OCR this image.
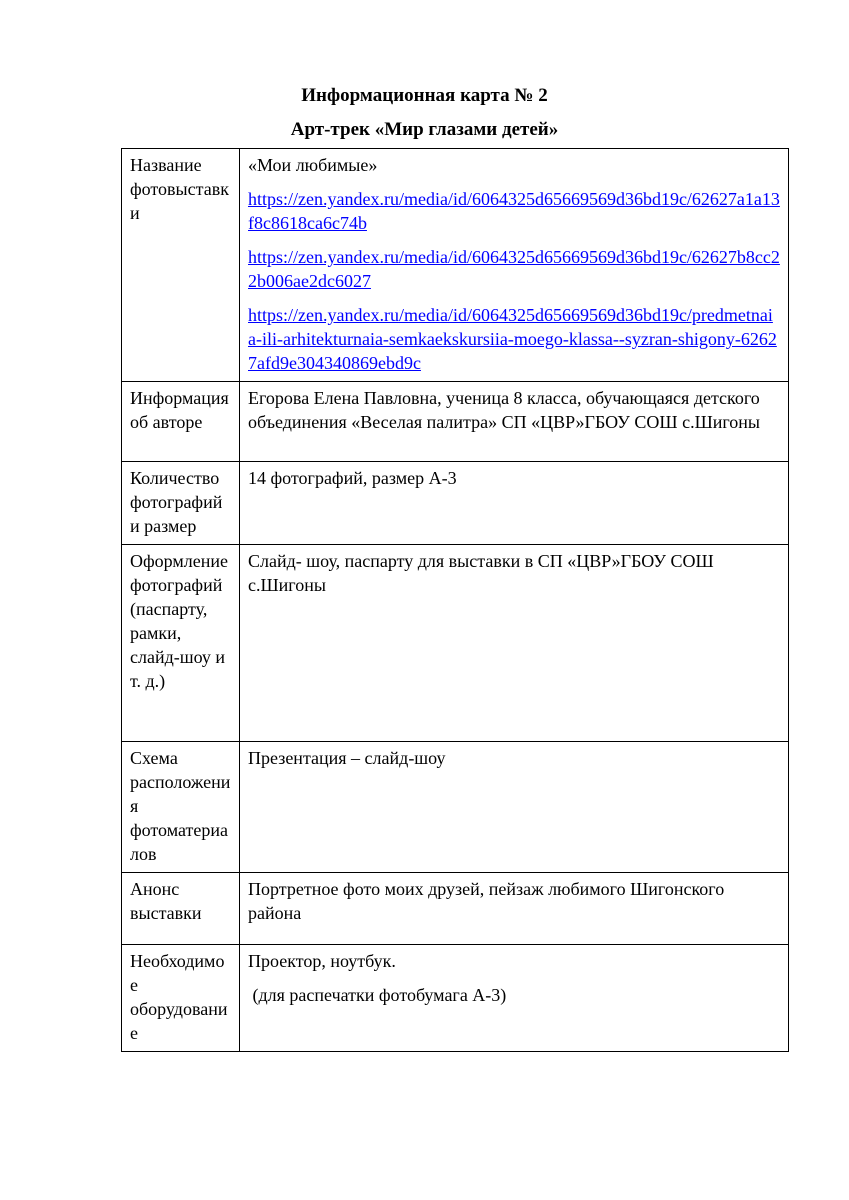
Информационная карта № 2
Арт-трек «Мир глазами детей»
Название фотовыставки	«Мои любимые»

https://zen.yandex.ru/media/id/6064325d65669569d36bd19c/62627a1a13f8c8618ca6c74b

https://zen.yandex.ru/media/id/6064325d65669569d36bd19c/62627b8cc22b006ae2dc6027

https://zen.yandex.ru/media/id/6064325d65669569d36bd19c/predmetnaia-ili-arhitekturnaia-semkaekskursiia-moego-klassa--syzran-shigony-62627afd9e304340869ebd9c

Информация об авторе	Егорова Елена Павловна, ученица 8 класса, обучающаяся детского объединения «Веселая палитра» СП «ЦВР»ГБОУ СОШ с.Шигоны
Количество фотографий и размер	14 фотографий, размер А-3
Оформление фотографий (паспарту, рамки, слайд-шоу и т. д.)	Слайд- шоу, паспарту для выставки в СП «ЦВР»ГБОУ СОШ с.Шигоны
Схема расположения фотоматериалов	Презентация – слайд-шоу
Анонс выставки	Портретное фото моих друзей, пейзаж любимого Шигонского района
Необходимое оборудование	Проектор, ноутбук.

(для распечатки фотобумага А-3)
